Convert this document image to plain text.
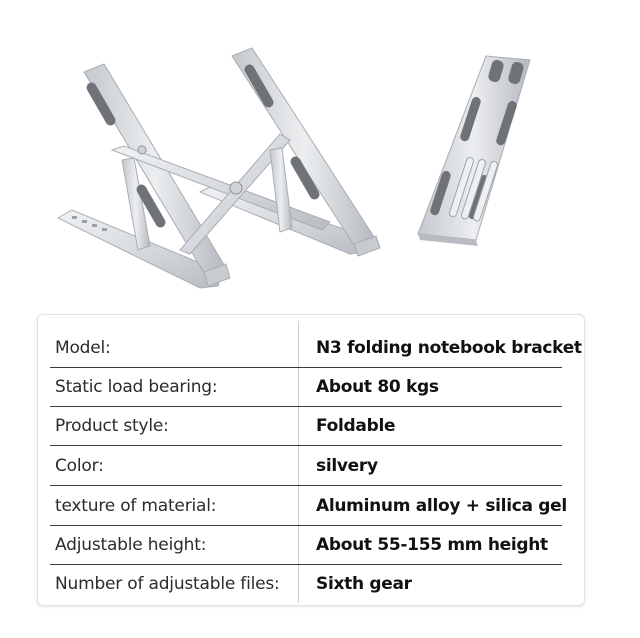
Model:	N3 folding notebook bracket
Static load bearing:	About 80 kgs
Product style:	Foldable
Color:	silvery
texture of material:	Aluminum alloy + silica gel
Adjustable height:	About 55-155 mm height
Number of adjustable files: Sixth gear
